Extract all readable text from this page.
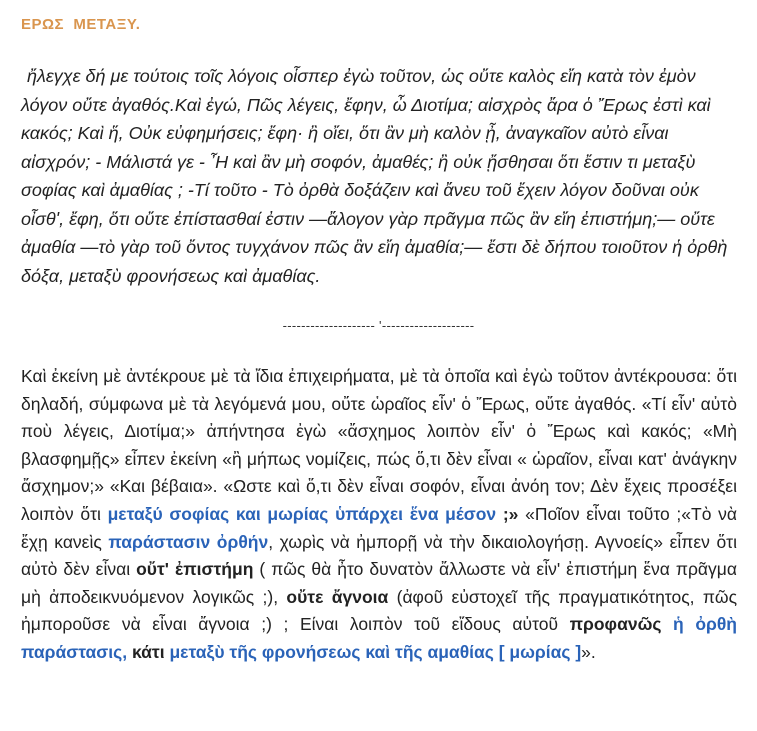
ΕΡΩΣ  ΜΕΤΑΞΥ.
ἤλεγχε δή με τούτοις τοῖς λόγοις οἷσπερ ἐγὼ τοῦτον, ὡς οὔτε καλὸς εἴη κατὰ τὸν ἐμὸν λόγον οὔτε ἀγαθός.Καὶ ἐγώ, Πῶς λέγεις, ἔφην, ὦ Διοτίμα; αἰσχρὸς ἄρα ὁ Ἔρως ἐστὶ καὶ κακός; Καὶ ἥ, Οὐκ εὐφημήσεις; ἔφη· ἢ οἴει, ὅτι ἂν μὴ καλὸν ᾖ, ἀναγκαῖον αὐτὸ εἶναι αἰσχρόν; - Μάλιστά γε - Ἦ καὶ ἂν μὴ σοφόν, ἀμαθές; ἢ οὐκ ᾔσθησαι ὅτι ἔστιν τι μεταξὺ σοφίας καὶ ἀμαθίας ; -Τί τοῦτο - Τὸ ὀρθὰ δοξάζειν καὶ ἄνευ τοῦ ἔχειν λόγον δοῦναι οὐκ οἶσθ', ἔφη, ὅτι οὔτε ἐπίστασθαί ἐστιν —ἄλογον γὰρ πρᾶγμα πῶς ἂν εἴη ἐπιστήμη;— οὔτε ἀμαθία —τὸ γὰρ τοῦ ὄντος τυγχάνον πῶς ἂν εἴη ἀμαθία;— ἔστι δὲ δήπου τοιοῦτον ἡ ὀρθὴ δόξα, μεταξὺ φρονήσεως καὶ ἀμαθίας.
-------------------- '--------------------
Καὶ ἐκείνη μὲ ἀντέκρουε μὲ τὰ ἴδια ἐπιχειρήματα, μὲ τὰ ὁποῖα καὶ ἐγὼ τοῦτον ἀντέκρουσα: ὅτι δηλαδή, σύμφωνα μὲ τὰ λεγόμενά μου, οὔτε ὡραῖος εἶν' ὁ Ἔρως, οὔτε ἀγαθός. «Τί εἶν' αὐτὸ ποὺ λέγεις, Διοτίμα;» ἀπήντησα ἐγὼ «ἄσχημος λοιπὸν εἶν' ὁ Ἔρως καὶ κακός; «Μὴ βλασφημῇς» εἶπεν ἐκείνη «ἢ μήπως νομίζεις, πώς ὅ,τι δὲν εἶναι « ὡραῖον, εἶναι κατ' ἀνάγκην ἄσχημον;» «Και βέβαια». «Ωστε καὶ ὅ,τι δὲν εἶναι σοφόν, εἶναι ἀνόη τον; Δὲν ἔχεις προσέξει λοιπὸν ὅτι μεταξύ σοφίας και μωρίας ὑπάρχει ἕνα μέσον ;» «Ποῖον εἶναι τοῦτο ;«Τὸ νὰ ἔχῃ κανεὶς παράστασιν ὀρθήν, χωρὶς νὰ ἠμπορῇ νὰ τὴν δικαιολογήσῃ. Αγνοείς» εἶπεν ὅτι αὐτὸ δὲν εἶναι οὔτ' ἐπιστήμη ( πῶς θὰ ἦτο δυνατὸν ἄλλωστε νὰ εἶν' ἐπιστήμη ἕνα πρᾶγμα μὴ ἀποδεικνυόμενον λογικῶς ;), οὔτε ἄγνοια (ἀφοῦ εὐστοχεῖ τῆς πραγματικότητος, πῶς ἠμποροῦσε νὰ εἶναι ἄγνοια ;) ; Είναι λοιπὸν τοῦ εἴδους αὐτοῦ προφανῶς ἡ ὀρθὴ παράστασις, κάτι μεταξὺ τῆς φρονήσεως καὶ τῆς αμαθίας [ μωρίας ]».
